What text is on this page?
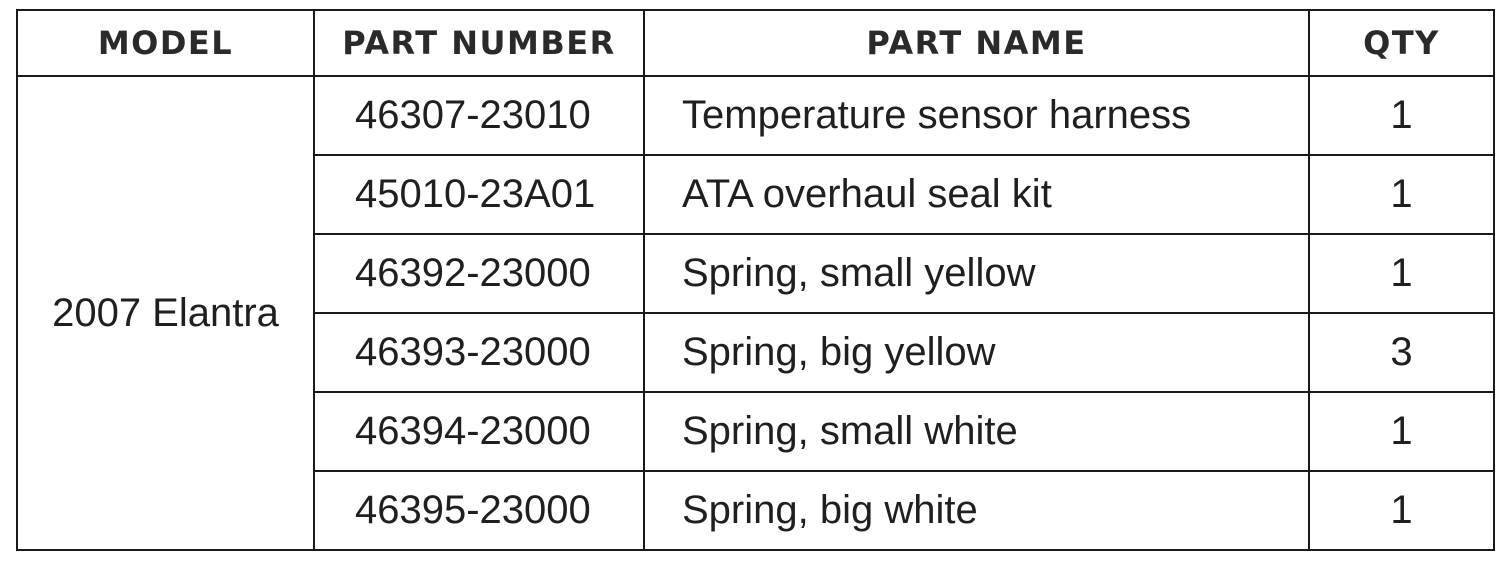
MODEL	PART NUMBER	PART NAME	QTY
2007 Elantra	46307-23010	Temperature sensor harness	1
	45010-23A01	ATA overhaul seal kit	1
	46392-23000	Spring, small yellow	1
	46393-23000	Spring, big yellow	3
	46394-23000	Spring, small white	1
	46395-23000	Spring, big white	1
